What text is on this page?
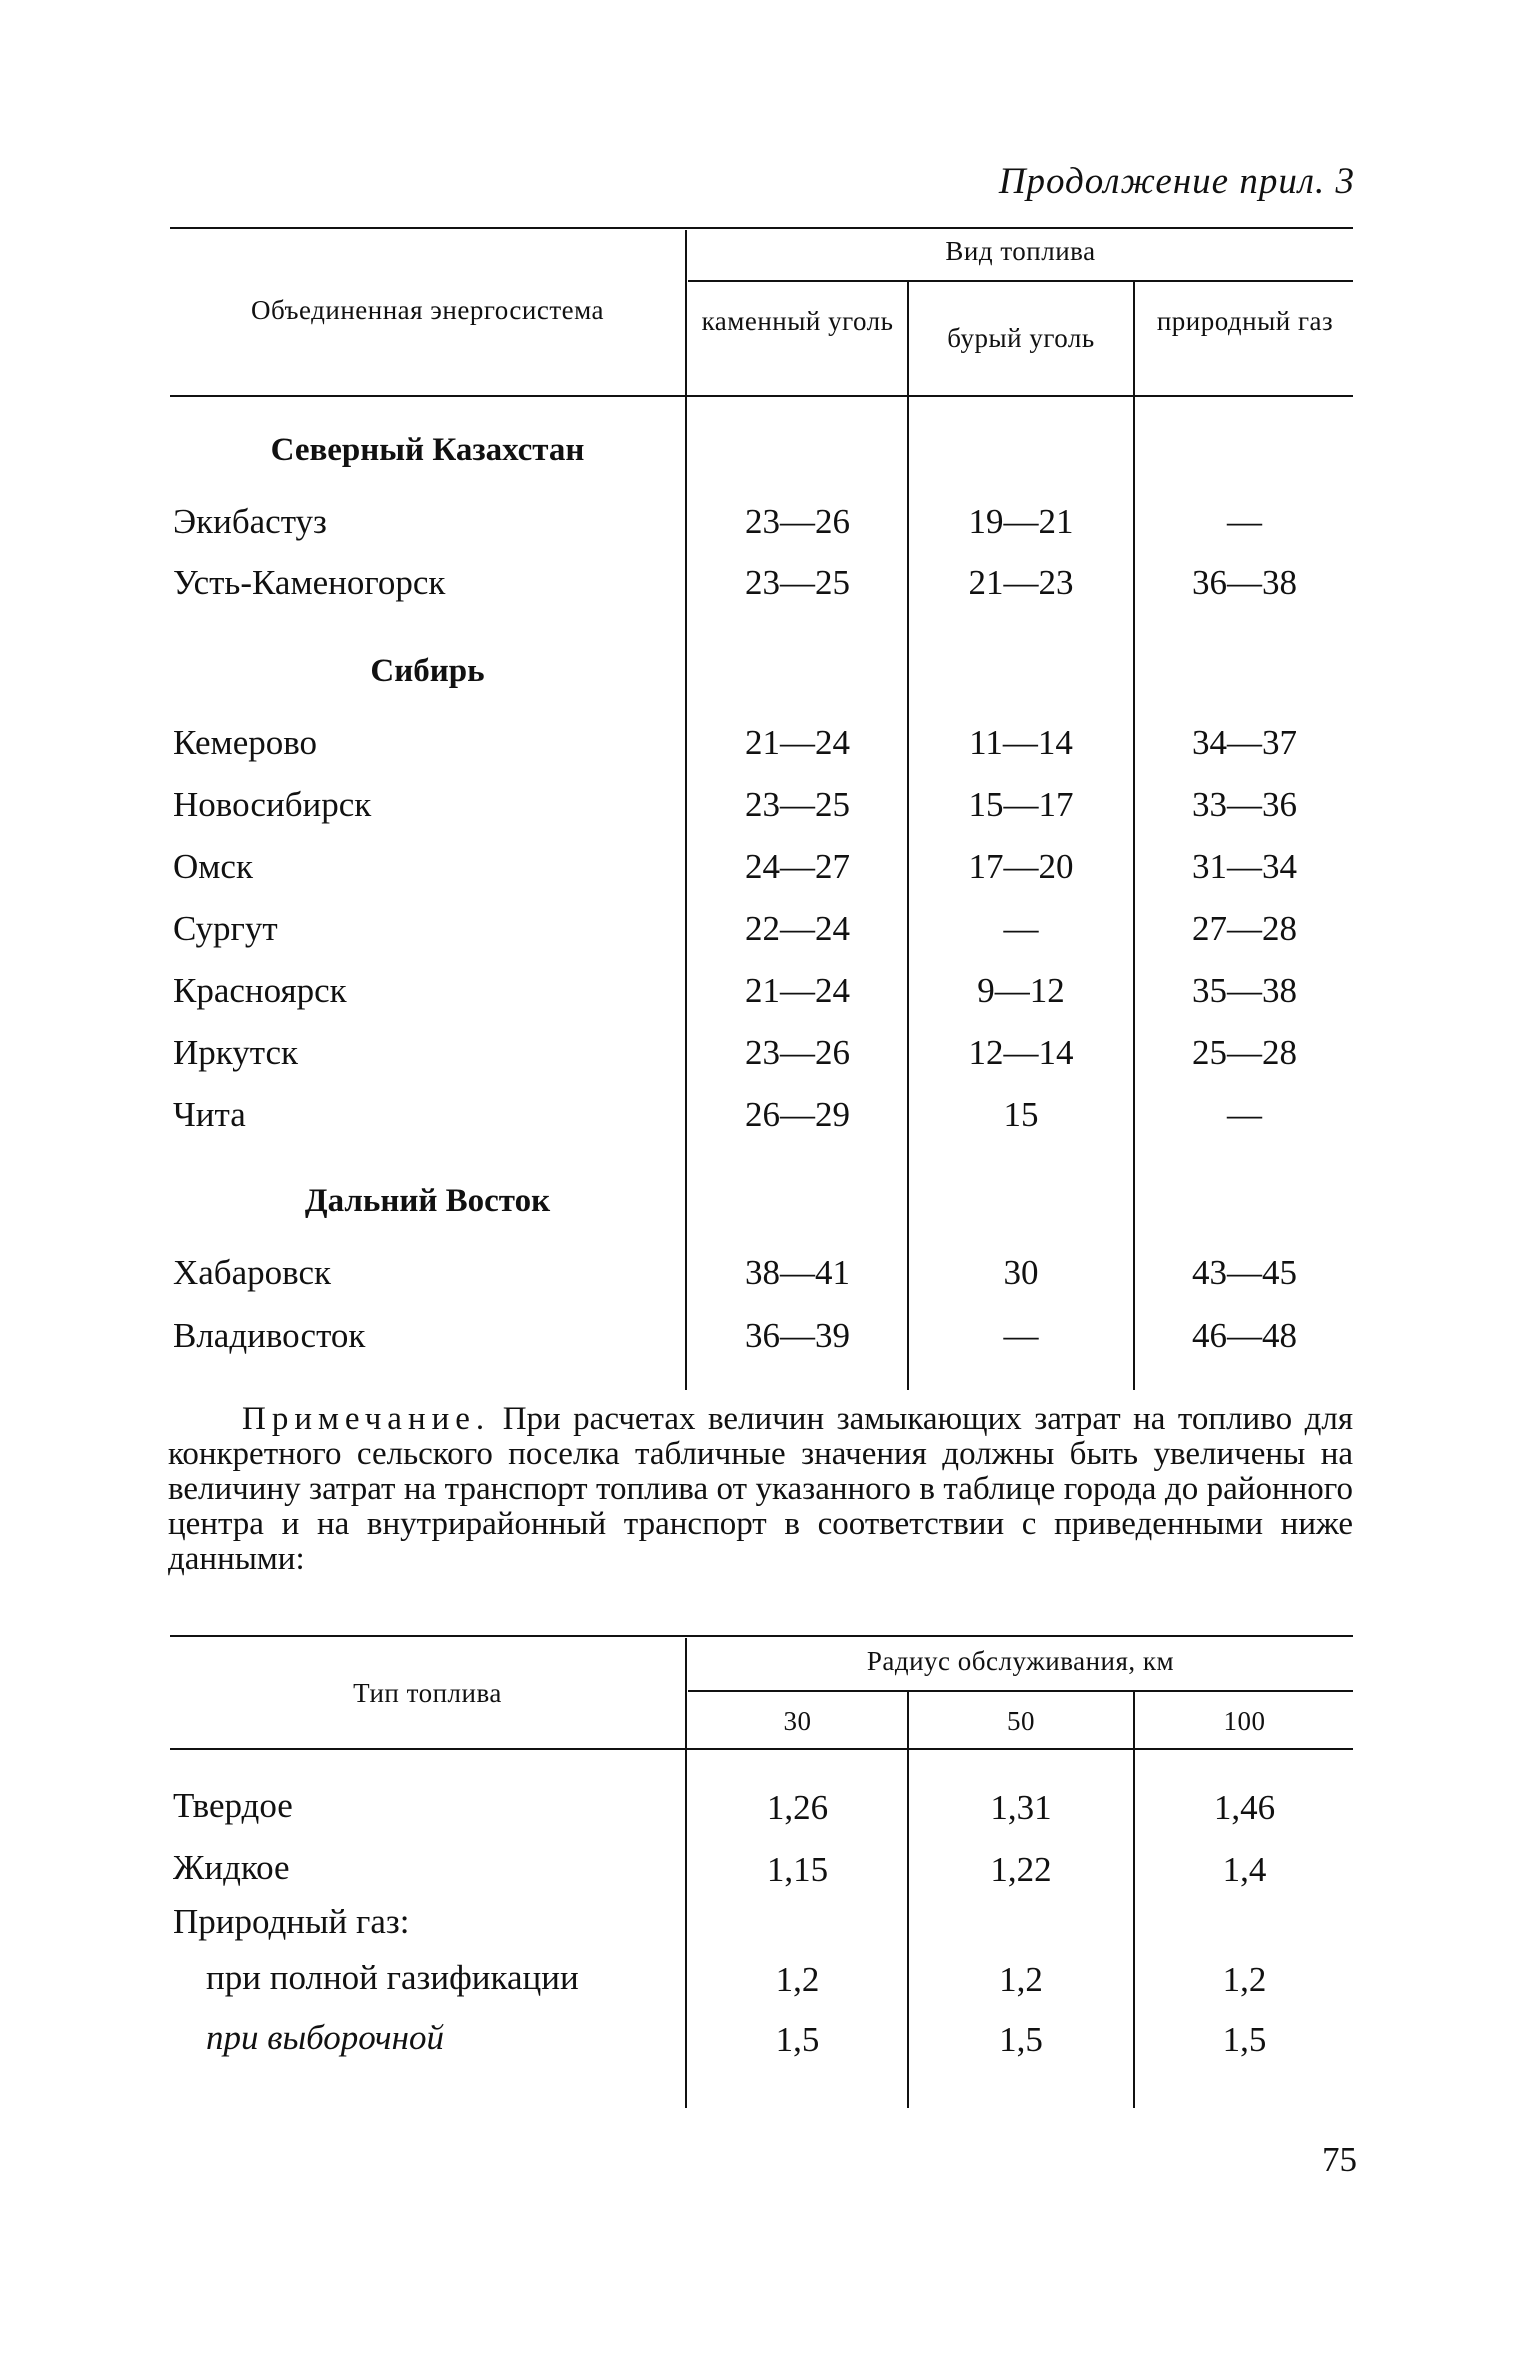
Продолжение прил. 3
Объединенная энергосистема
Вид топлива
каменный уголь
бурый уголь
природный газ
Северный Казахстан
Экибастуз	23—26	19—21	—
Усть-Каменогорск	23—25	21—23	36—38
Сибирь
Кемерово	21—24	11—14	34—37
Новосибирск	23—25	15—17	33—36
Омск	24—27	17—20	31—34
Сургут	22—24	—	27—28
Красноярск	21—24	9—12	35—38
Иркутск	23—26	12—14	25—28
Чита	26—29	15	—
Дальний Восток
Хабаровск	38—41	30	43—45
Владивосток	36—39	—	46—48
Примечание. При расчетах величин замыкающих затрат на топливо для конкретного сельского поселка табличные значения должны быть увеличены на величину затрат на транспорт топлива от указанного в таблице города до районного центра и на внутрирайонный транспорт в соответствии с приведенными ниже данными:
Тип топлива
Радиус обслуживания, км
30	50	100
Твердое	1,26	1,31	1,46
Жидкое	1,15	1,22	1,4
Природный газ:
при полной газификации	1,2	1,2	1,2
при выборочной	1,5	1,5	1,5
75
